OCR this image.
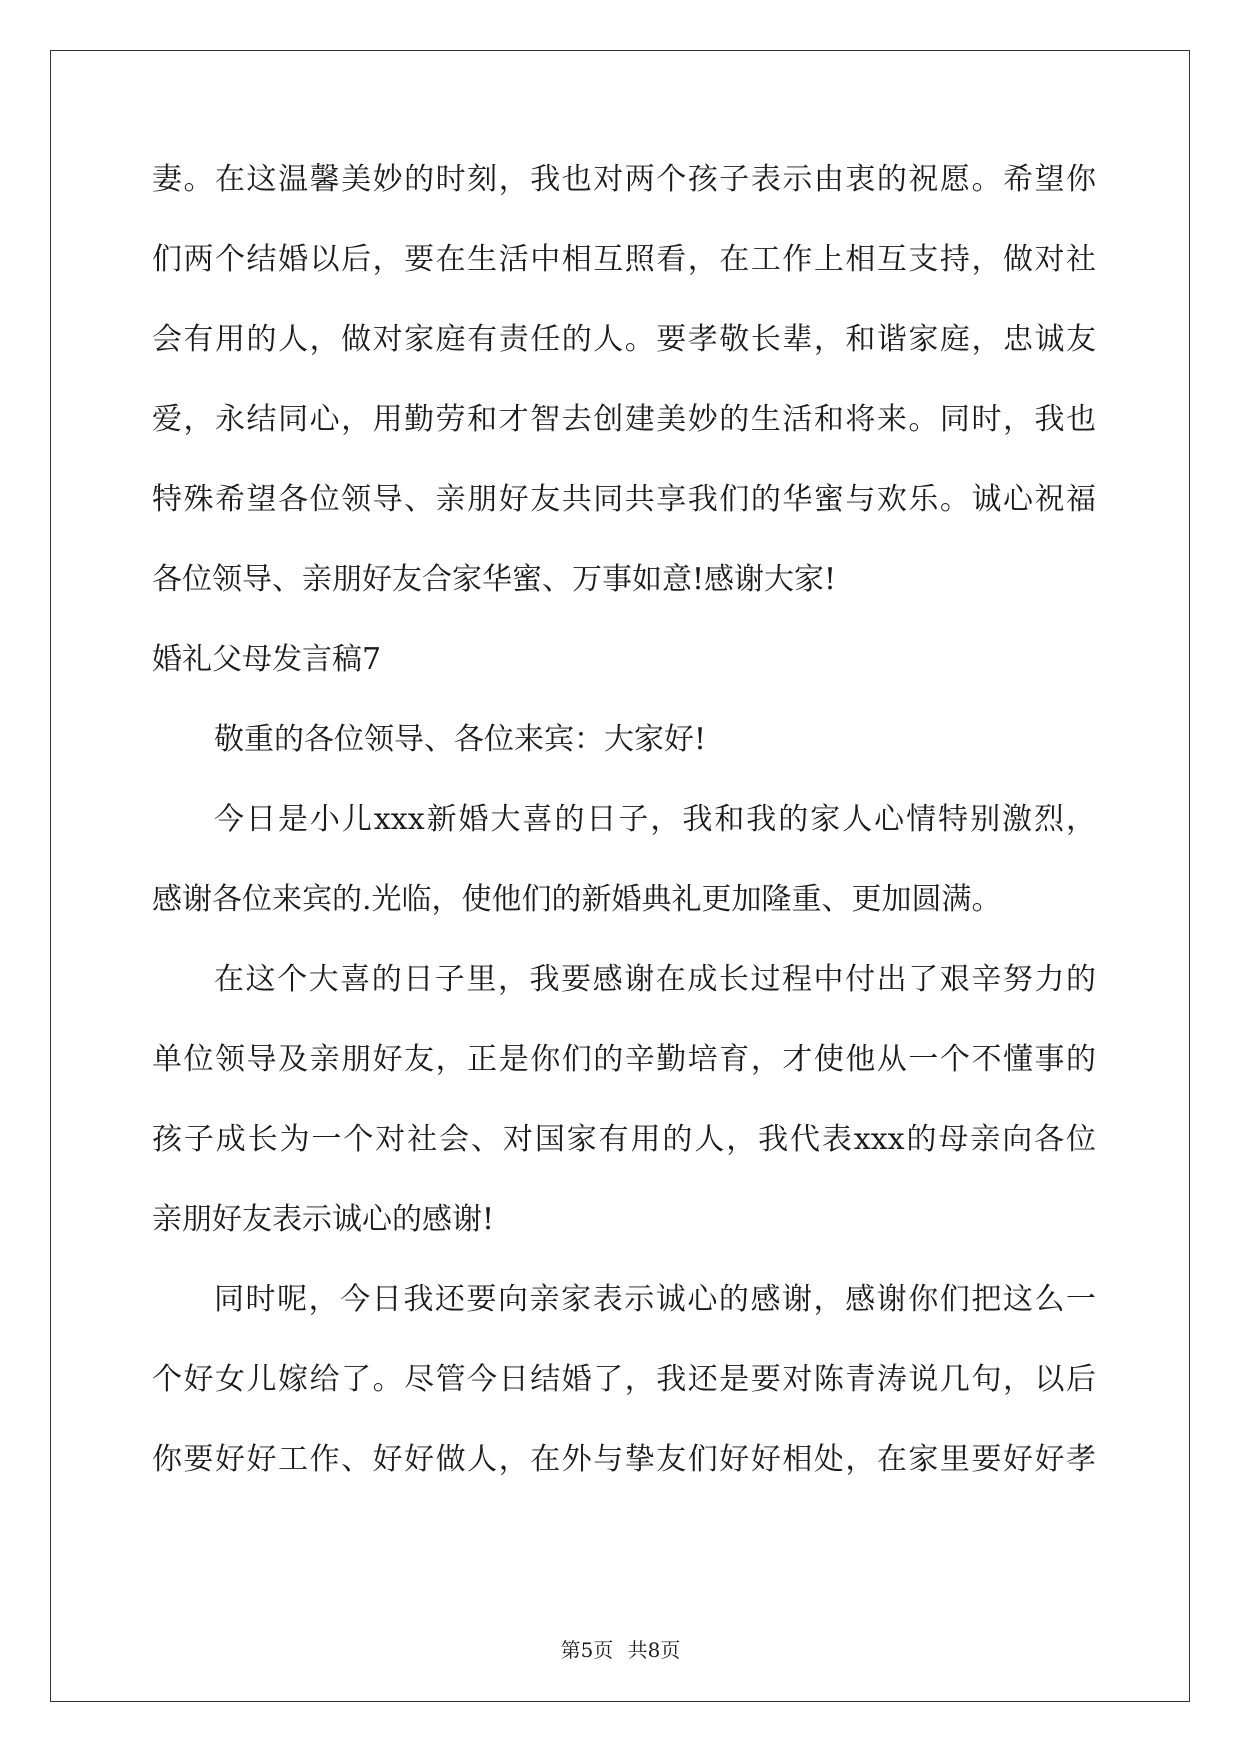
妻。在这温馨美妙的时刻，我也对两个孩子表示由衷的祝愿。希望你
们两个结婚以后，要在生活中相互照看，在工作上相互支持，做对社
会有用的人，做对家庭有责任的人。要孝敬长辈，和谐家庭，忠诚友
爱，永结同心，用勤劳和才智去创建美妙的生活和将来。同时，我也
特殊希望各位领导、亲朋好友共同共享我们的华蜜与欢乐。诚心祝福
各位领导、亲朋好友合家华蜜、万事如意!感谢大家!
婚礼父母发言稿7
敬重的各位领导、各位来宾：大家好!
今日是小儿xxx新婚大喜的日子，我和我的家人心情特别激烈，
感谢各位来宾的.光临，使他们的新婚典礼更加隆重、更加圆满。
在这个大喜的日子里，我要感谢在成长过程中付出了艰辛努力的
单位领导及亲朋好友，正是你们的辛勤培育，才使他从一个不懂事的
孩子成长为一个对社会、对国家有用的人，我代表xxx的母亲向各位
亲朋好友表示诚心的感谢!
同时呢，今日我还要向亲家表示诚心的感谢，感谢你们把这么一
个好女儿嫁给了。尽管今日结婚了，我还是要对陈青涛说几句，以后
你要好好工作、好好做人，在外与挚友们好好相处，在家里要好好孝
第5页 共8页
